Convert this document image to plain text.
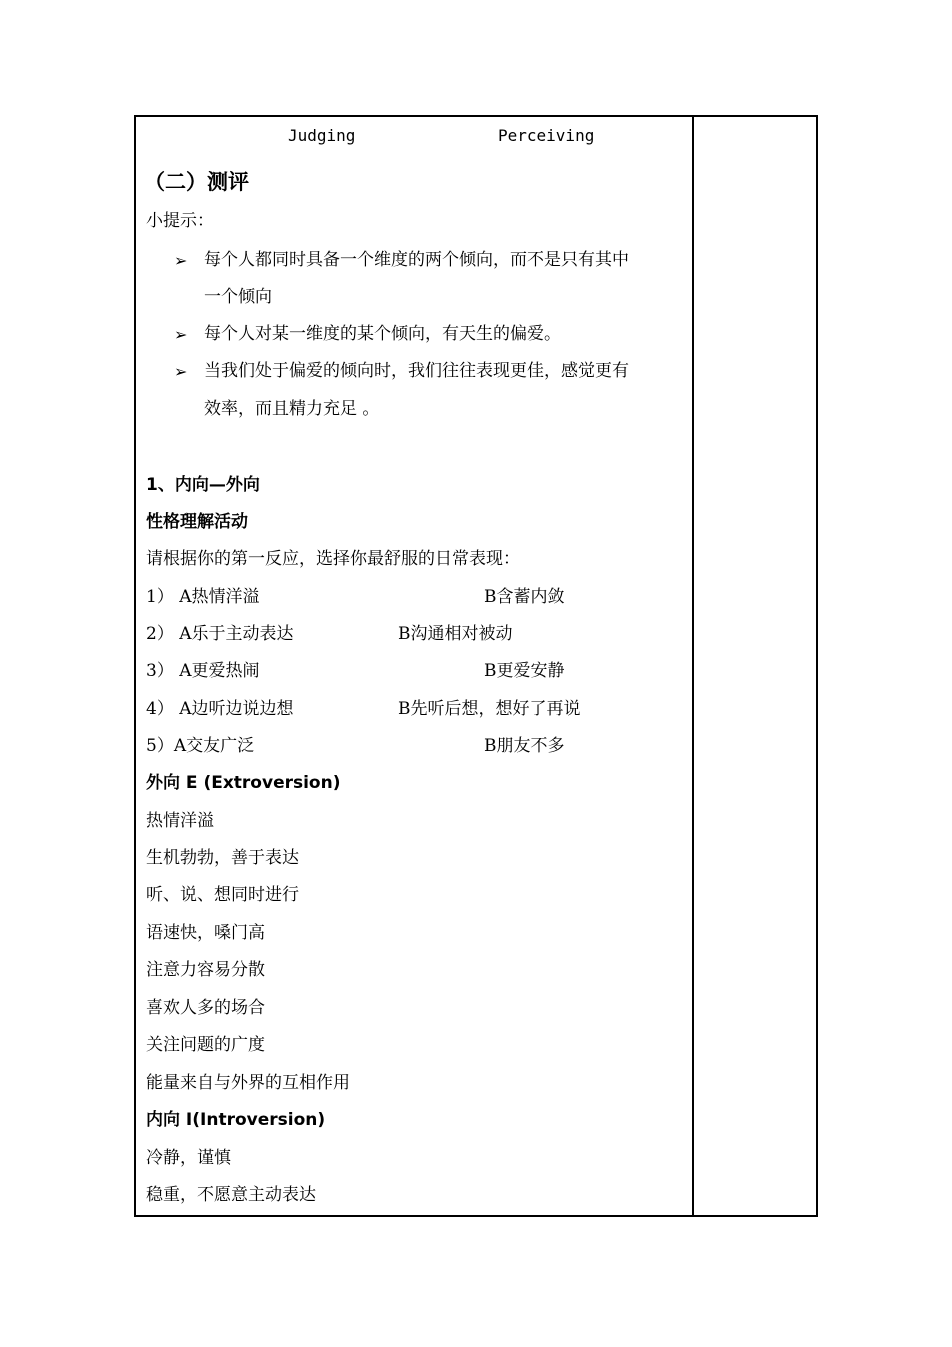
Judging	Perceiving
（二）测评
小提示：
➢ 每个人都同时具备一个维度的两个倾向，而不是只有其中
一个倾向
➢ 每个人对某一维度的某个倾向，有天生的偏爱。
➢ 当我们处于偏爱的倾向时，我们往往表现更佳，感觉更有
效率，而且精力充足 。
1、内向—外向
性格理解活动
请根据你的第一反应，选择你最舒服的日常表现：
1） A热情洋溢	B含蓄内敛
2） A乐于主动表达	B沟通相对被动
3） A更爱热闹	B更爱安静
4） A边听边说边想	B先听后想，想好了再说
5）A交友广泛	B朋友不多
外向 E (Extroversion)
热情洋溢
生机勃勃，善于表达
听、说、想同时进行
语速快，嗓门高
注意力容易分散
喜欢人多的场合
关注问题的广度
能量来自与外界的互相作用
内向 I(Introversion)
冷静，谨慎
稳重，不愿意主动表达
